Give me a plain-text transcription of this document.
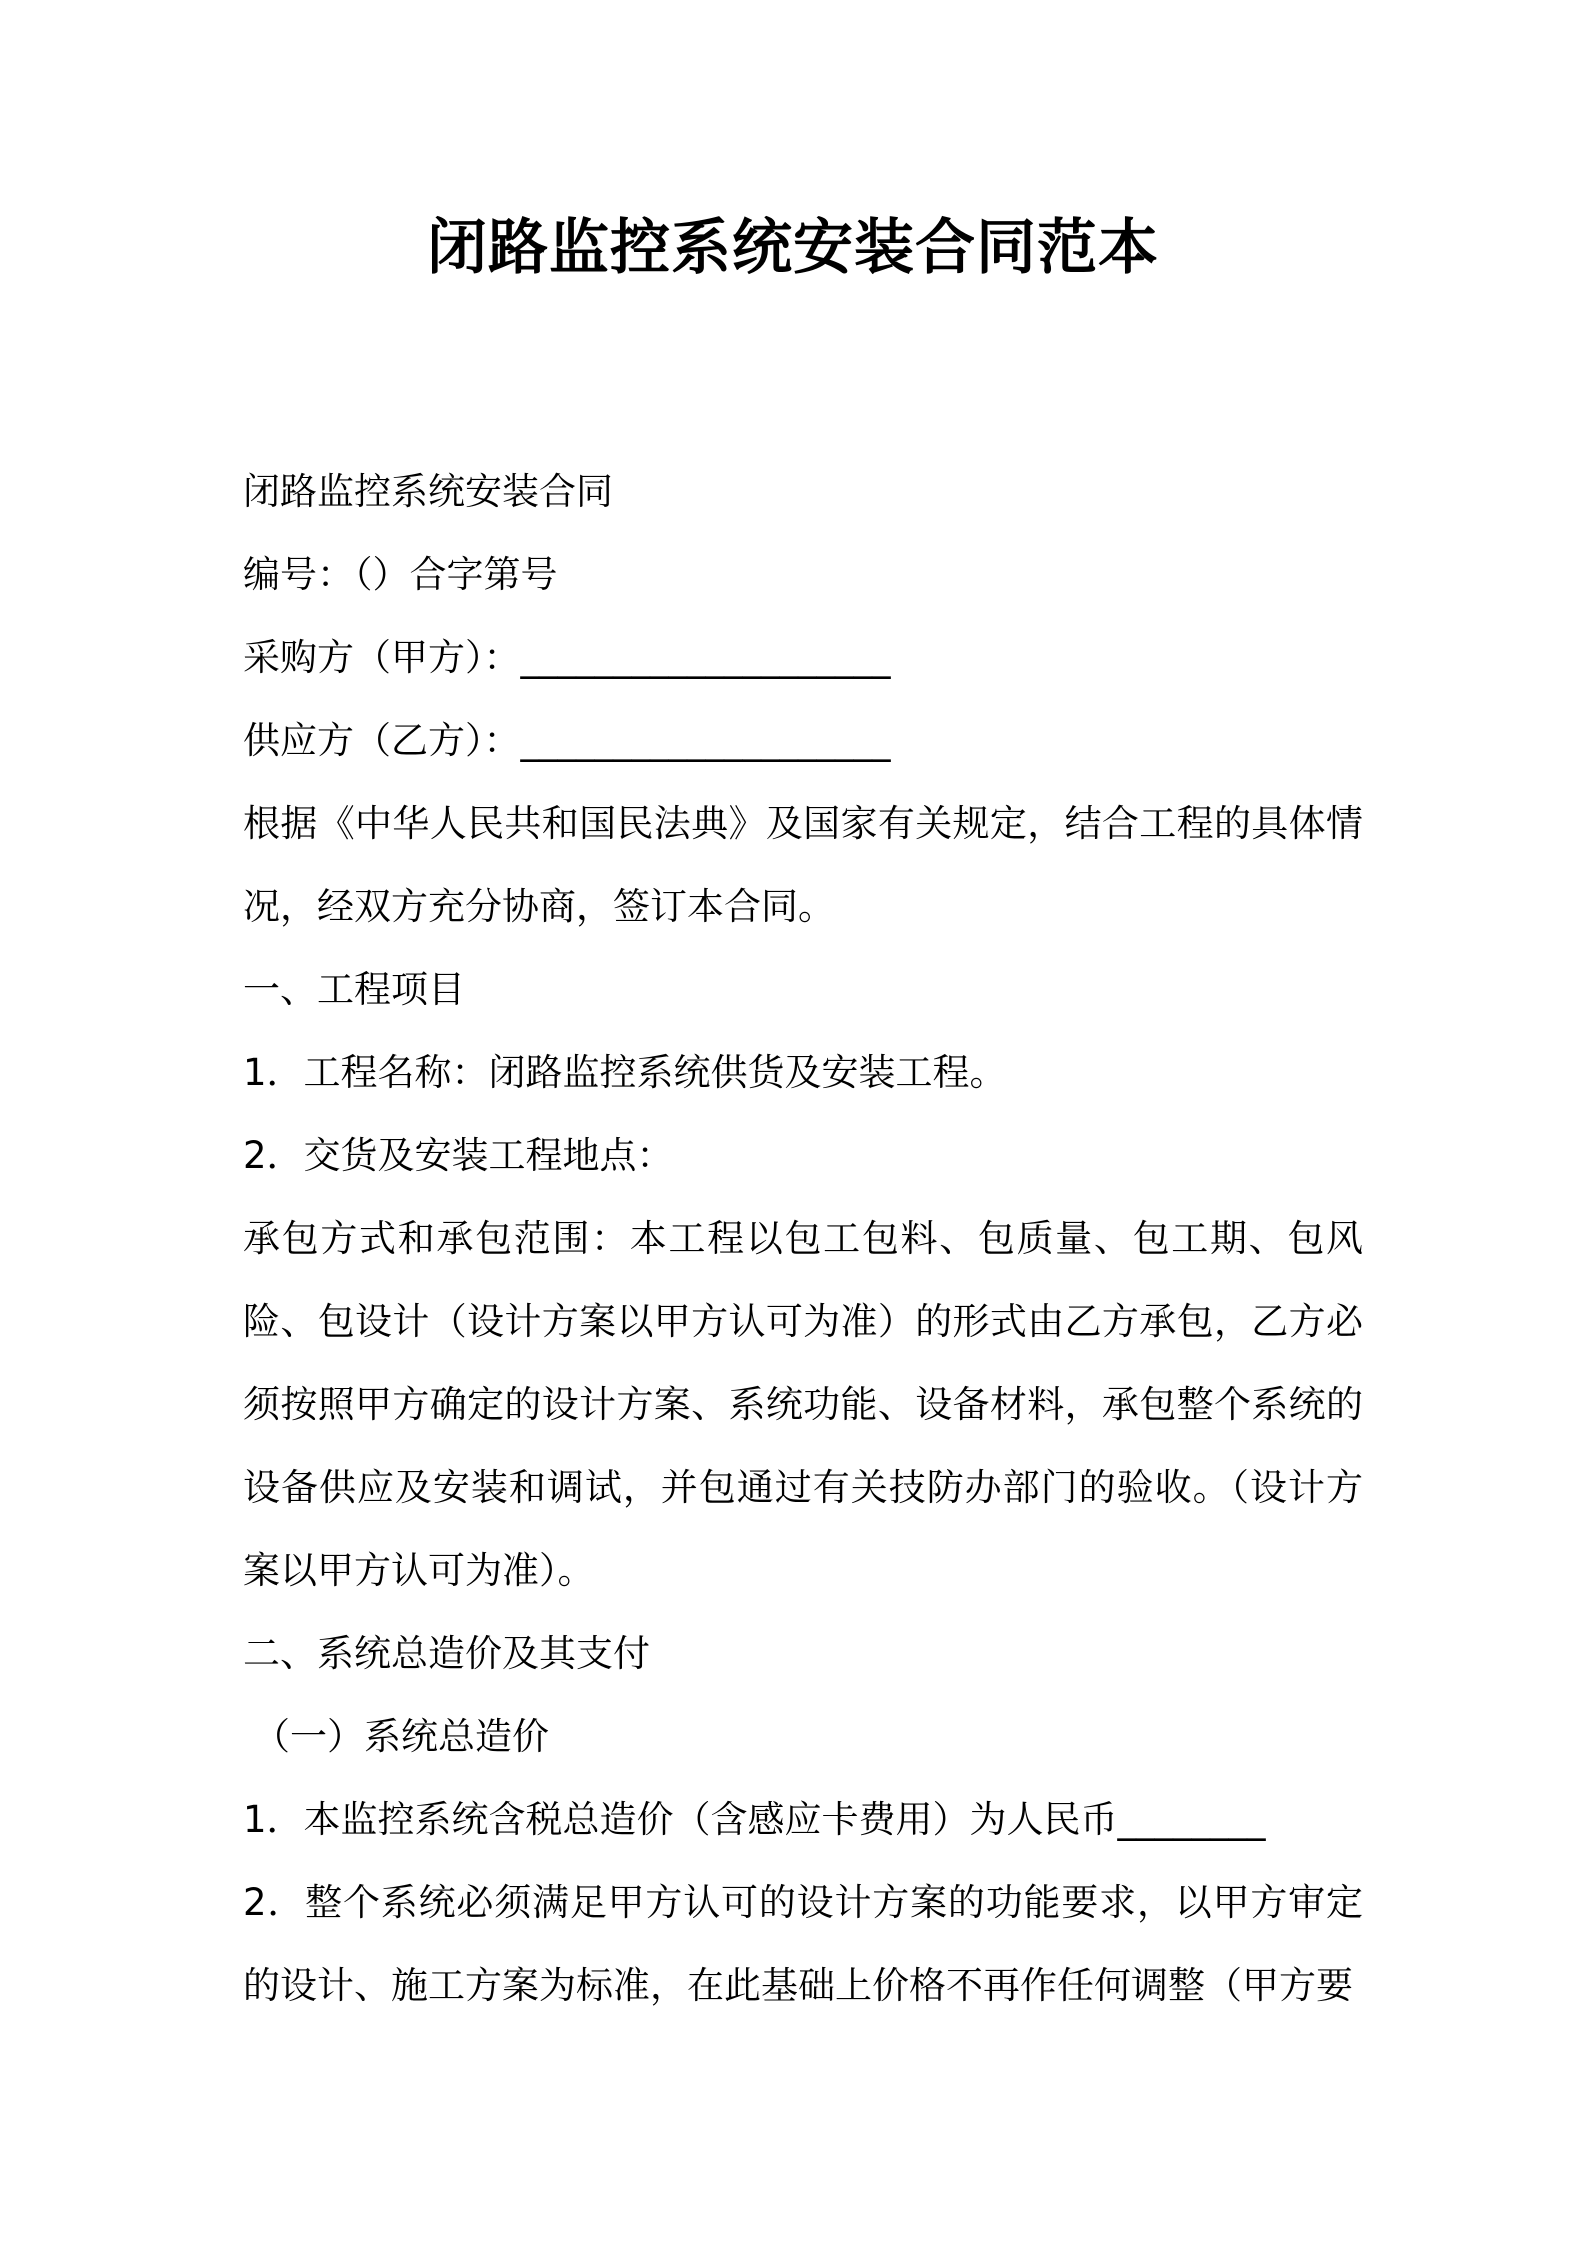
闭路监控系统安装合同范本

闭路监控系统安装合同

编号：（）合字第号

采购方（甲方）：____________________

供应方（乙方）：____________________

根据《中华人民共和国民法典》及国家有关规定，结合工程的具体情况，经双方充分协商，签订本合同。

一、工程项目

1．工程名称：闭路监控系统供货及安装工程。

2．交货及安装工程地点：

承包方式和承包范围：本工程以包工包料、包质量、包工期、包风险、包设计（设计方案以甲方认可为准）的形式由乙方承包，乙方必须按照甲方确定的设计方案、系统功能、设备材料，承包整个系统的设备供应及安装和调试，并包通过有关技防办部门的验收。（设计方案以甲方认可为准）。

二、系统总造价及其支付

（一）系统总造价

1．本监控系统含税总造价（含感应卡费用）为人民币________

2．整个系统必须满足甲方认可的设计方案的功能要求，以甲方审定的设计、施工方案为标准，在此基础上价格不再作任何调整（甲方要
